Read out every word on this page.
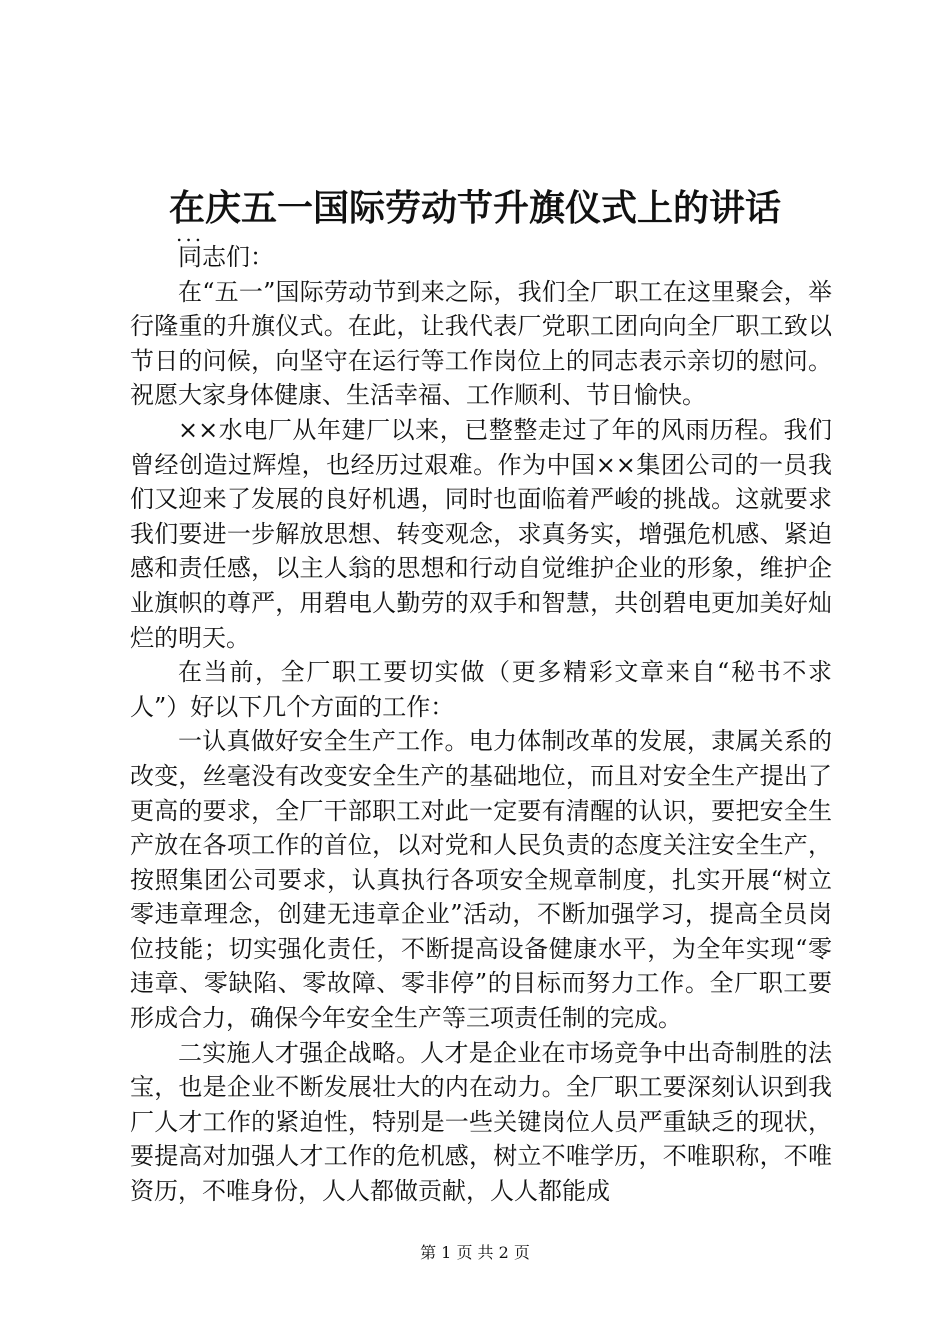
在庆五一国际劳动节升旗仪式上的讲话
...

同志们：

在“五一”国际劳动节到来之际，我们全厂职工在这里聚会，举行隆重的升旗仪式。在此，让我代表厂党职工团向向全厂职工致以节日的问候，向坚守在运行等工作岗位上的同志表示亲切的慰问。祝愿大家身体健康、生活幸福、工作顺利、节日愉快。

××水电厂从年建厂以来，已整整走过了年的风雨历程。我们曾经创造过辉煌，也经历过艰难。作为中国××集团公司的一员我们又迎来了发展的良好机遇，同时也面临着严峻的挑战。这就要求我们要进一步解放思想、转变观念，求真务实，增强危机感、紧迫感和责任感，以主人翁的思想和行动自觉维护企业的形象，维护企业旗帜的尊严，用碧电人勤劳的双手和智慧，共创碧电更加美好灿烂的明天。

在当前，全厂职工要切实做（更多精彩文章来自“秘书不求人”）好以下几个方面的工作：

一认真做好安全生产工作。电力体制改革的发展，隶属关系的改变，丝毫没有改变安全生产的基础地位，而且对安全生产提出了更高的要求，全厂干部职工对此一定要有清醒的认识，要把安全生产放在各项工作的首位，以对党和人民负责的态度关注安全生产，按照集团公司要求，认真执行各项安全规章制度，扎实开展“树立零违章理念，创建无违章企业”活动，不断加强学习，提高全员岗位技能；切实强化责任，不断提高设备健康水平，为全年实现“零违章、零缺陷、零故障、零非停”的目标而努力工作。全厂职工要形成合力，确保今年安全生产等三项责任制的完成。

二实施人才强企战略。人才是企业在市场竞争中出奇制胜的法宝，也是企业不断发展壮大的内在动力。全厂职工要深刻认识到我厂人才工作的紧迫性，特别是一些关键岗位人员严重缺乏的现状，要提高对加强人才工作的危机感，树立不唯学历，不唯职称，不唯资历，不唯身份，人人都做贡献，人人都能成

第 1 页 共 2 页
